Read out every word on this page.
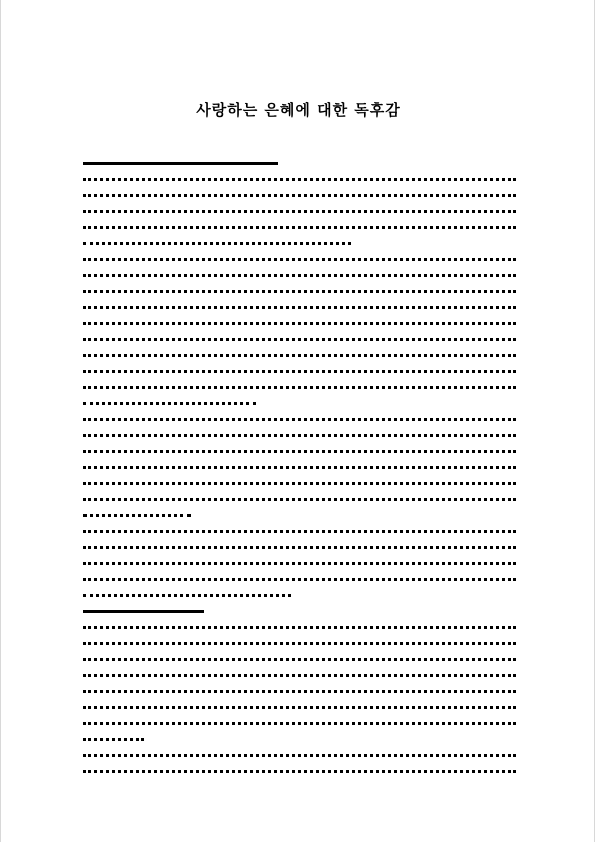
사랑하는 은혜에 대한 독후감
